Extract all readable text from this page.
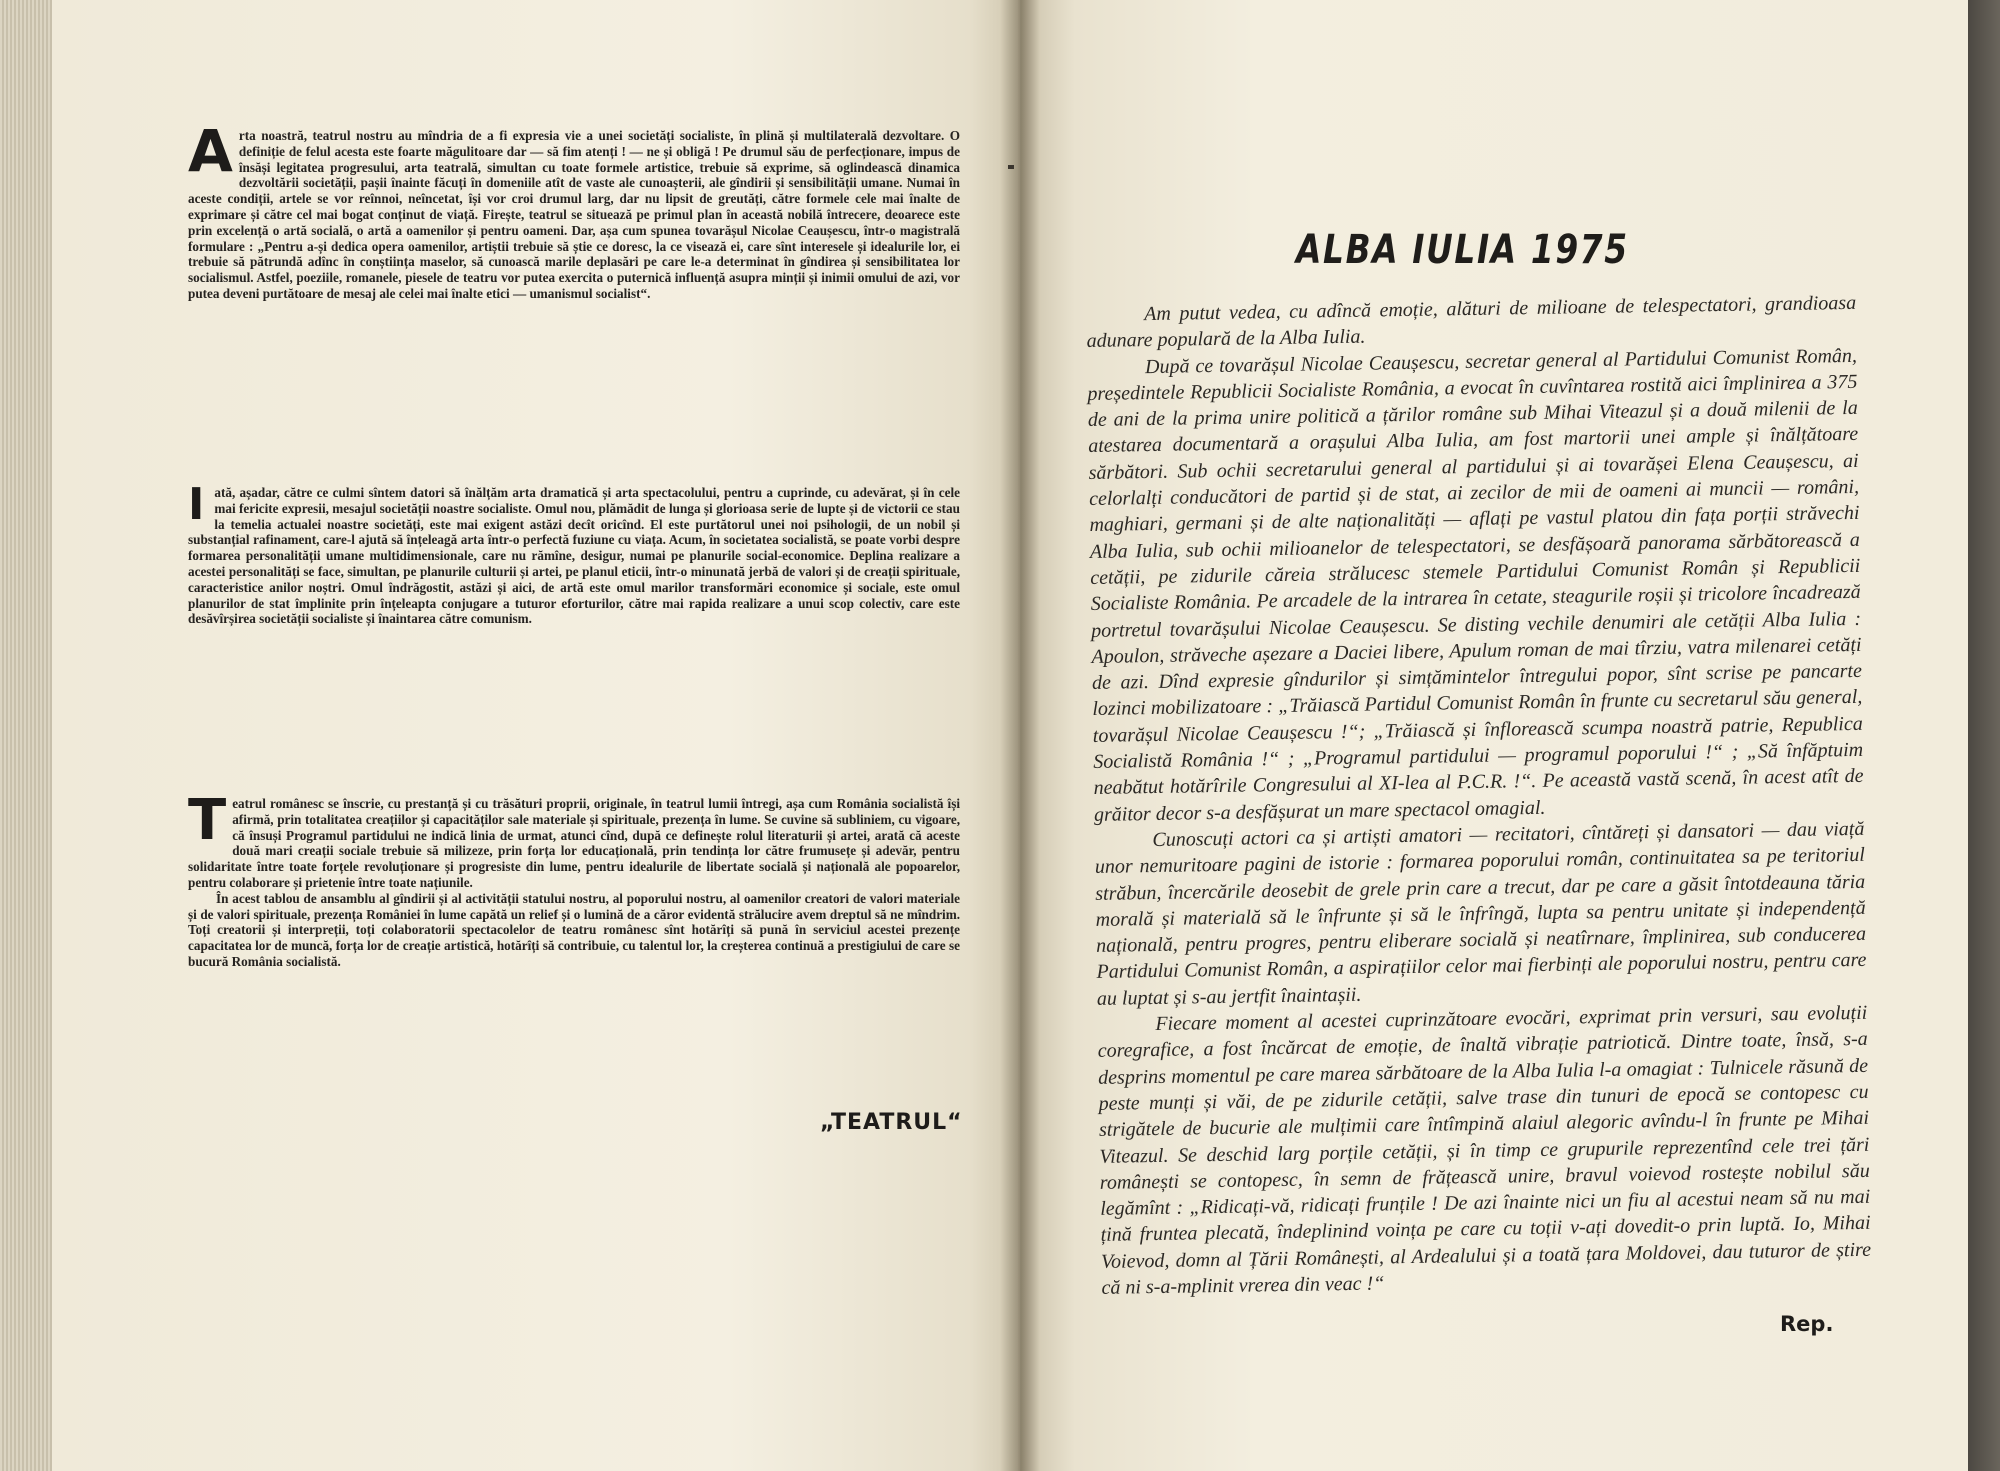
A rta noastră, teatrul nostru au mîndria de a fi expresia vie a unei societăți socialiste, în plină și multilaterală dezvoltare. O definiție de felul acesta este foarte măgulitoare dar — să fim atenți ! — ne și obligă ! Pe drumul său de perfecționare, impus de însăși legitatea progresului, arta teatrală, simultan cu toate formele artistice, trebuie să exprime, să oglindească dinamica dezvoltării societății, pașii înainte făcuți în domeniile atît de vaste ale cunoașterii, ale gîndirii și sensibilității umane. Numai în aceste condiții, artele se vor reînnoi, neîncetat, își vor croi drumul larg, dar nu lipsit de greutăți, către formele cele mai înalte de exprimare și către cel mai bogat conținut de viață. Firește, teatrul se situează pe primul plan în această nobilă întrecere, deoarece este prin excelență o artă socială, o artă a oamenilor și pentru oameni. Dar, așa cum spunea tovarășul Nicolae Ceaușescu, într-o magistrală formulare : „Pentru a-și dedica opera oamenilor, artiștii trebuie să știe ce doresc, la ce visează ei, care sînt interesele și idealurile lor, ei trebuie să pătrundă adînc în conștiința maselor, să cunoască marile deplasări pe care le-a determinat în gîndirea și sensibilitatea lor socialismul. Astfel, poeziile, romanele, piesele de teatru vor putea exercita o puternică influență asupra minții și inimii omului de azi, vor putea deveni purtătoare de mesaj ale celei mai înalte etici — umanismul socialist“.

I ată, așadar, către ce culmi sîntem datori să înălțăm arta dramatică și arta spectacolului, pentru a cuprinde, cu adevărat, și în cele mai fericite expresii, mesajul societății noastre socialiste. Omul nou, plămădit de lunga și glorioasa serie de lupte și de victorii ce stau la temelia actualei noastre societăți, este mai exigent astăzi decît oricînd. El este purtătorul unei noi psihologii, de un nobil și substanțial rafinament, care-l ajută să înțeleagă arta într-o perfectă fuziune cu viața. Acum, în societatea socialistă, se poate vorbi despre formarea personalității umane multidimensionale, care nu rămîne, desigur, numai pe planurile social-economice. Deplina realizare a acestei personalități se face, simultan, pe planurile culturii și artei, pe planul eticii, într-o minunată jerbă de valori și de creații spirituale, caracteristice anilor noștri. Omul îndrăgostit, astăzi și aici, de artă este omul marilor transformări economice și sociale, este omul planurilor de stat împlinite prin înțeleapta conjugare a tuturor eforturilor, către mai rapida realizare a unui scop colectiv, care este desăvîrșirea societății socialiste și înaintarea către comunism.

T eatrul românesc se înscrie, cu prestanță și cu trăsături proprii, originale, în teatrul lumii întregi, așa cum România socialistă își afirmă, prin totalitatea creațiilor și capacităților sale materiale și spirituale, prezența în lume. Se cuvine să subliniem, cu vigoare, că însuși Programul partidului ne indică linia de urmat, atunci cînd, după ce definește rolul literaturii și artei, arată că aceste două mari creații sociale trebuie să milizeze, prin forța lor educațională, prin tendința lor către frumusețe și adevăr, pentru solidaritate între toate forțele revoluționare și progresiste din lume, pentru idealurile de libertate socială și națională ale popoarelor, pentru colaborare și prietenie între toate națiunile.

În acest tablou de ansamblu al gîndirii și al activității statului nostru, al poporului nostru, al oamenilor creatori de valori materiale și de valori spirituale, prezența României în lume capătă un relief și o lumină de a căror evidentă strălucire avem dreptul să ne mîndrim. Toți creatorii și interpreții, toți colaboratorii spectacolelor de teatru românesc sînt hotărîți să pună în serviciul acestei prezențe capacitatea lor de muncă, forța lor de creație artistică, hotărîți să contribuie, cu talentul lor, la creșterea continuă a prestigiului de care se bucură România socialistă.

„TEATRUL“

ALBA IULIA 1975

Am putut vedea, cu adîncă emoție, alături de milioane de telespectatori, grandioasa adunare populară de la Alba Iulia.

După ce tovarășul Nicolae Ceaușescu, secretar general al Partidului Comunist Român, președintele Republicii Socialiste România, a evocat în cuvîntarea rostită aici împlinirea a 375 de ani de la prima unire politică a țărilor române sub Mihai Viteazul și a două milenii de la atestarea documentară a orașului Alba Iulia, am fost martorii unei ample și înălțătoare sărbători. Sub ochii secretarului general al partidului și ai tovarășei Elena Ceaușescu, ai celorlalți conducători de partid și de stat, ai zecilor de mii de oameni ai muncii — români, maghiari, germani și de alte naționalități — aflați pe vastul platou din fața porții străvechi Alba Iulia, sub ochii milioanelor de telespectatori, se desfășoară panorama sărbătorească a cetății, pe zidurile căreia strălucesc stemele Partidului Comunist Român și Republicii Socialiste România. Pe arcadele de la intrarea în cetate, steagurile roșii și tricolore încadrează portretul tovarășului Nicolae Ceaușescu. Se disting vechile denumiri ale cetății Alba Iulia : Apoulon, străveche așezare a Daciei libere, Apulum roman de mai tîrziu, vatra milenarei cetăți de azi. Dînd expresie gîndurilor și simțămintelor întregului popor, sînt scrise pe pancarte lozinci mobilizatoare : „Trăiască Partidul Comunist Român în frunte cu secretarul său general, tovarășul Nicolae Ceaușescu !“; „Trăiască și înflorească scumpa noastră patrie, Republica Socialistă România !“ ; „Programul partidului — programul poporului !“ ; „Să înfăptuim neabătut hotărîrile Congresului al XI-lea al P.C.R. !“. Pe această vastă scenă, în acest atît de grăitor decor s-a desfășurat un mare spectacol omagial.

Cunoscuți actori ca și artiști amatori — recitatori, cîntăreți și dansatori — dau viață unor nemuritoare pagini de istorie : formarea poporului român, continuitatea sa pe teritoriul străbun, încercările deosebit de grele prin care a trecut, dar pe care a găsit întotdeauna tăria morală și materială să le înfrunte și să le înfrîngă, lupta sa pentru unitate și independență națională, pentru progres, pentru eliberare socială și neatîrnare, împlinirea, sub conducerea Partidului Comunist Român, a aspirațiilor celor mai fierbinți ale poporului nostru, pentru care au luptat și s-au jertfit înaintașii.

Fiecare moment al acestei cuprinzătoare evocări, exprimat prin versuri, sau evoluții coregrafice, a fost încărcat de emoție, de înaltă vibrație patriotică. Dintre toate, însă, s-a desprins momentul pe care marea sărbătoare de la Alba Iulia l-a omagiat : Tulnicele răsună de peste munți și văi, de pe zidurile cetății, salve trase din tunuri de epocă se contopesc cu strigătele de bucurie ale mulțimii care întîmpină alaiul alegoric avîndu-l în frunte pe Mihai Viteazul. Se deschid larg porțile cetății, și în timp ce grupurile reprezentînd cele trei țări românești se contopesc, în semn de frățească unire, bravul voievod rostește nobilul său legămînt : „Ridicați-vă, ridicați frunțile ! De azi înainte nici un fiu al acestui neam să nu mai țină fruntea plecată, îndeplinind voința pe care cu toții v-ați dovedit-o prin luptă. Io, Mihai Voievod, domn al Țării Românești, al Ardealului și a toată țara Moldovei, dau tuturor de știre că ni s-a-mplinit vrerea din veac !“

Rep.
